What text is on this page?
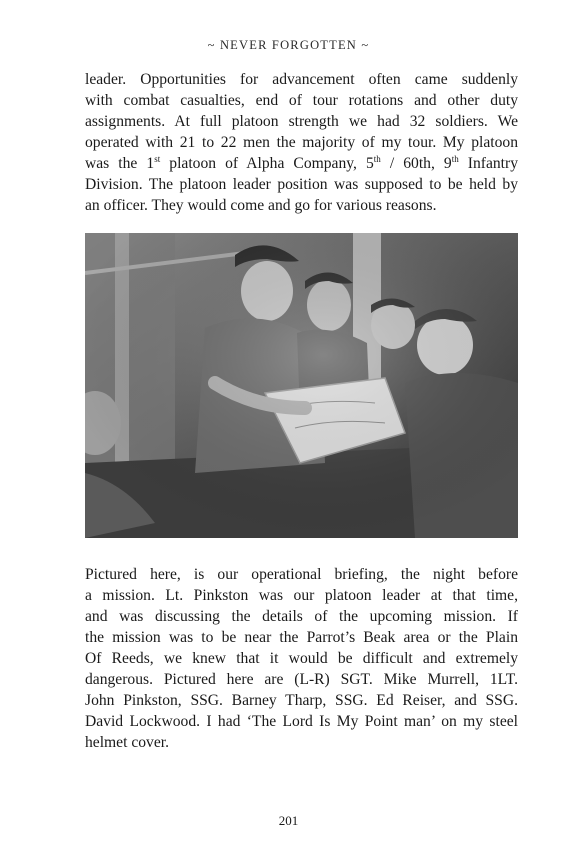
~ NEVER FORGOTTEN ~
leader. Opportunities for advancement often came suddenly
with combat casualties, end of tour rotations and other duty
assignments. At full platoon strength we had 32 soldiers. We
operated with 21 to 22 men the majority of my tour. My platoon
was the 1st platoon of Alpha Company, 5th / 60th, 9th Infantry
Division. The platoon leader position was supposed to be held by
an officer. They would come and go for various reasons.
Pictured here, is our operational briefing, the night before
a mission. Lt. Pinkston was our platoon leader at that time,
and was discussing the details of the upcoming mission. If
the mission was to be near the Parrot’s Beak area or the Plain
Of Reeds, we knew that it would be difficult and extremely
dangerous. Pictured here are (L-R) SGT. Mike Murrell, 1LT.
John Pinkston, SSG. Barney Tharp, SSG. Ed Reiser, and SSG.
David Lockwood. I had ‘The Lord Is My Point man’ on my steel
helmet cover.
201
